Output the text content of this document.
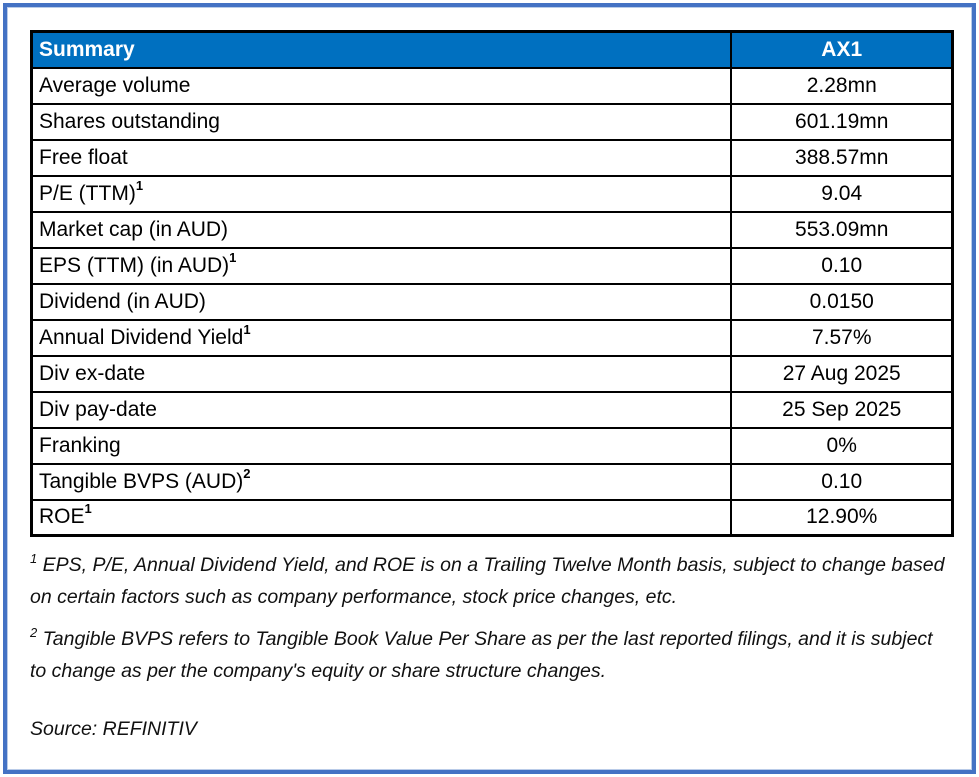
Summary	AX1
Average volume	2.28mn
Shares outstanding	601.19mn
Free float	388.57mn
P/E (TTM)$^1$	9.04
Market cap (in AUD)	553.09mn
EPS (TTM) (in AUD)$^1$	0.10
Dividend (in AUD)	0.0150
Annual Dividend Yield$^1$	7.57%
Div ex-date	27 Aug 2025
Div pay-date	25 Sep 2025
Franking	0%
Tangible BVPS (AUD)$^2$	0.10
ROE$^1$	12.90%

$^1$ EPS, P/E, Annual Dividend Yield, and ROE is on a Trailing Twelve Month basis, subject to change based on certain factors such as company performance, stock price changes, etc.

$^2$ Tangible BVPS refers to Tangible Book Value Per Share as per the last reported filings, and it is subject to change as per the company's equity or share structure changes.

Source: REFINITIV
